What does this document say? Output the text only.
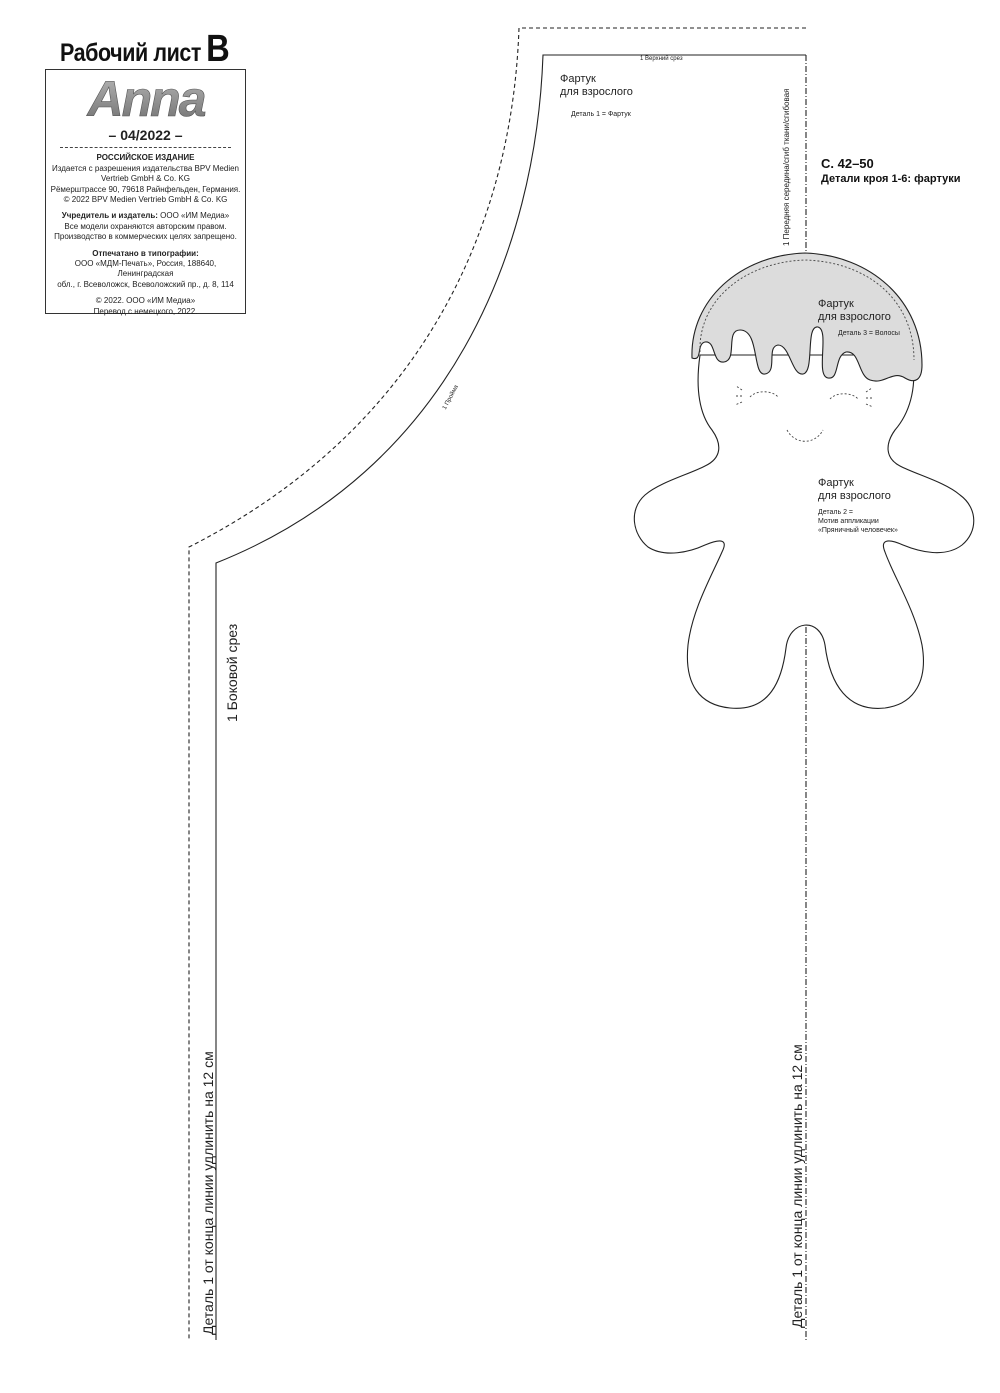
Рабочий лист B
Anna
– 04/2022 –
РОССИЙСКОЕ ИЗДАНИЕ
Издается с разрешения издательства BPV Medien
Vertrieb GmbH & Co. KG
Рёмерштрассе 90, 79618 Райнфельден, Германия.
© 2022 BPV Medien Vertrieb GmbH & Co. KG
Учредитель и издатель: ООО «ИМ Медиа»
Все модели охраняются авторским правом.
Производство в коммерческих целях запрещено.
Отпечатано в типографии:
ООО «МДМ-Печать», Россия, 188640, Ленинградская
обл., г. Всеволожск, Всеволожский пр., д. 8, 114
© 2022. ООО «ИМ Медиа»
Перевод с немецкого, 2022.
С. 42–50
Детали кроя 1-6: фартуки
Фартук
для взрослого
Деталь 1 = Фартук
1 Верхний срез
1 Пройма
1 Боковой срез
1 Передняя середина/сгиб ткани/сгибовая
Деталь 1 от конца линии удлинить на 12 см	Деталь 1 от конца линии удлинить на 12 см
Фартук
для взрослого
Деталь 3 = Волосы
Фартук
для взрослого
Деталь 2 =
Мотив аппликации
«Пряничный человечек»
